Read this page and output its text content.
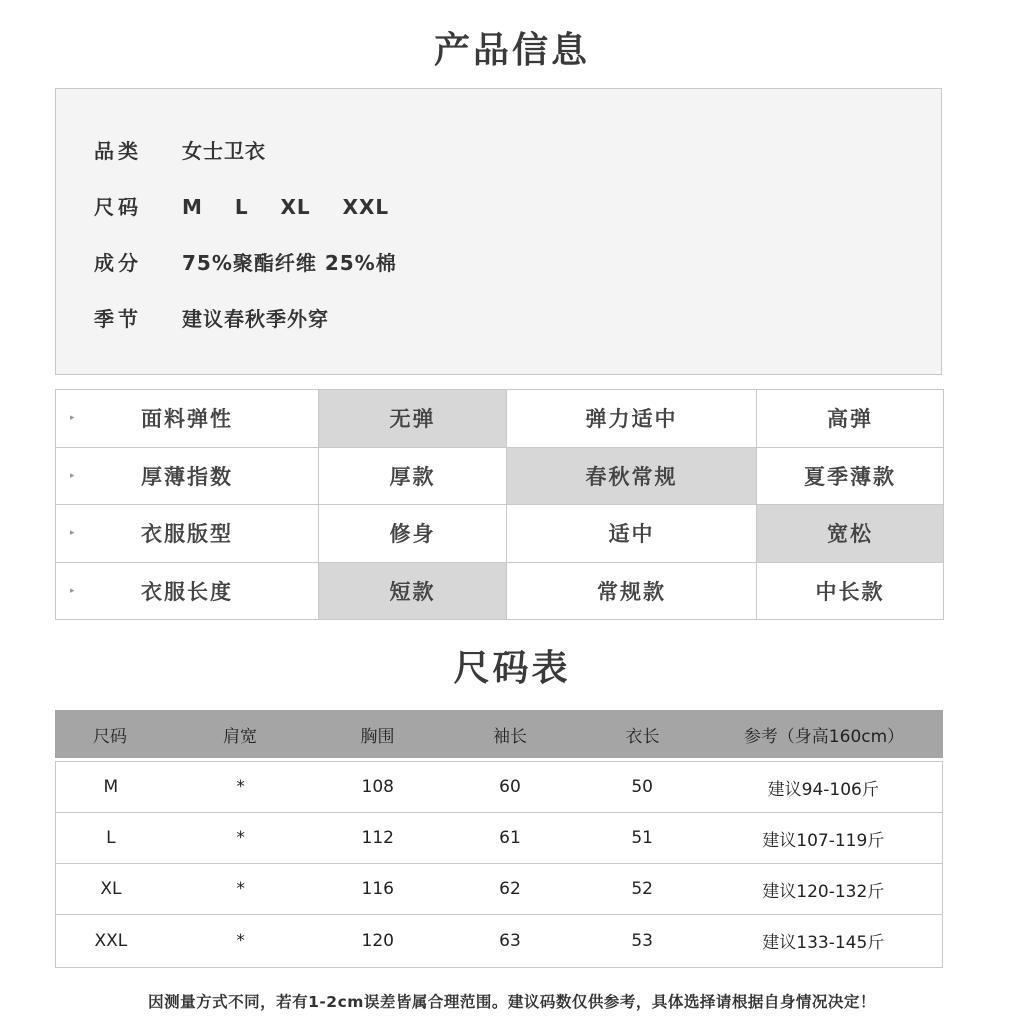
产品信息
品类 女士卫衣
尺码 M  L  XL  XXL
成分 75%聚酯纤维 25%棉
季节 建议春秋季外穿
▸ 面料弹性	无弹	弹力适中	高弹

▸ 厚薄指数	厚款	春秋常规	夏季薄款

▸ 衣服版型	修身	适中	宽松

▸ 衣服长度	短款	常规款	中长款
尺码表
尺码	肩宽	胸围	袖长	衣长	参考（身高160cm）
M	*	108	60	50	建议94-106斤
L	*	112	61	51	建议107-119斤
XL	*	116	62	52	建议120-132斤
XXL	*	120	63	53	建议133-145斤
因测量方式不同，若有1-2cm误差皆属合理范围。建议码数仅供参考，具体选择请根据自身情况决定！
